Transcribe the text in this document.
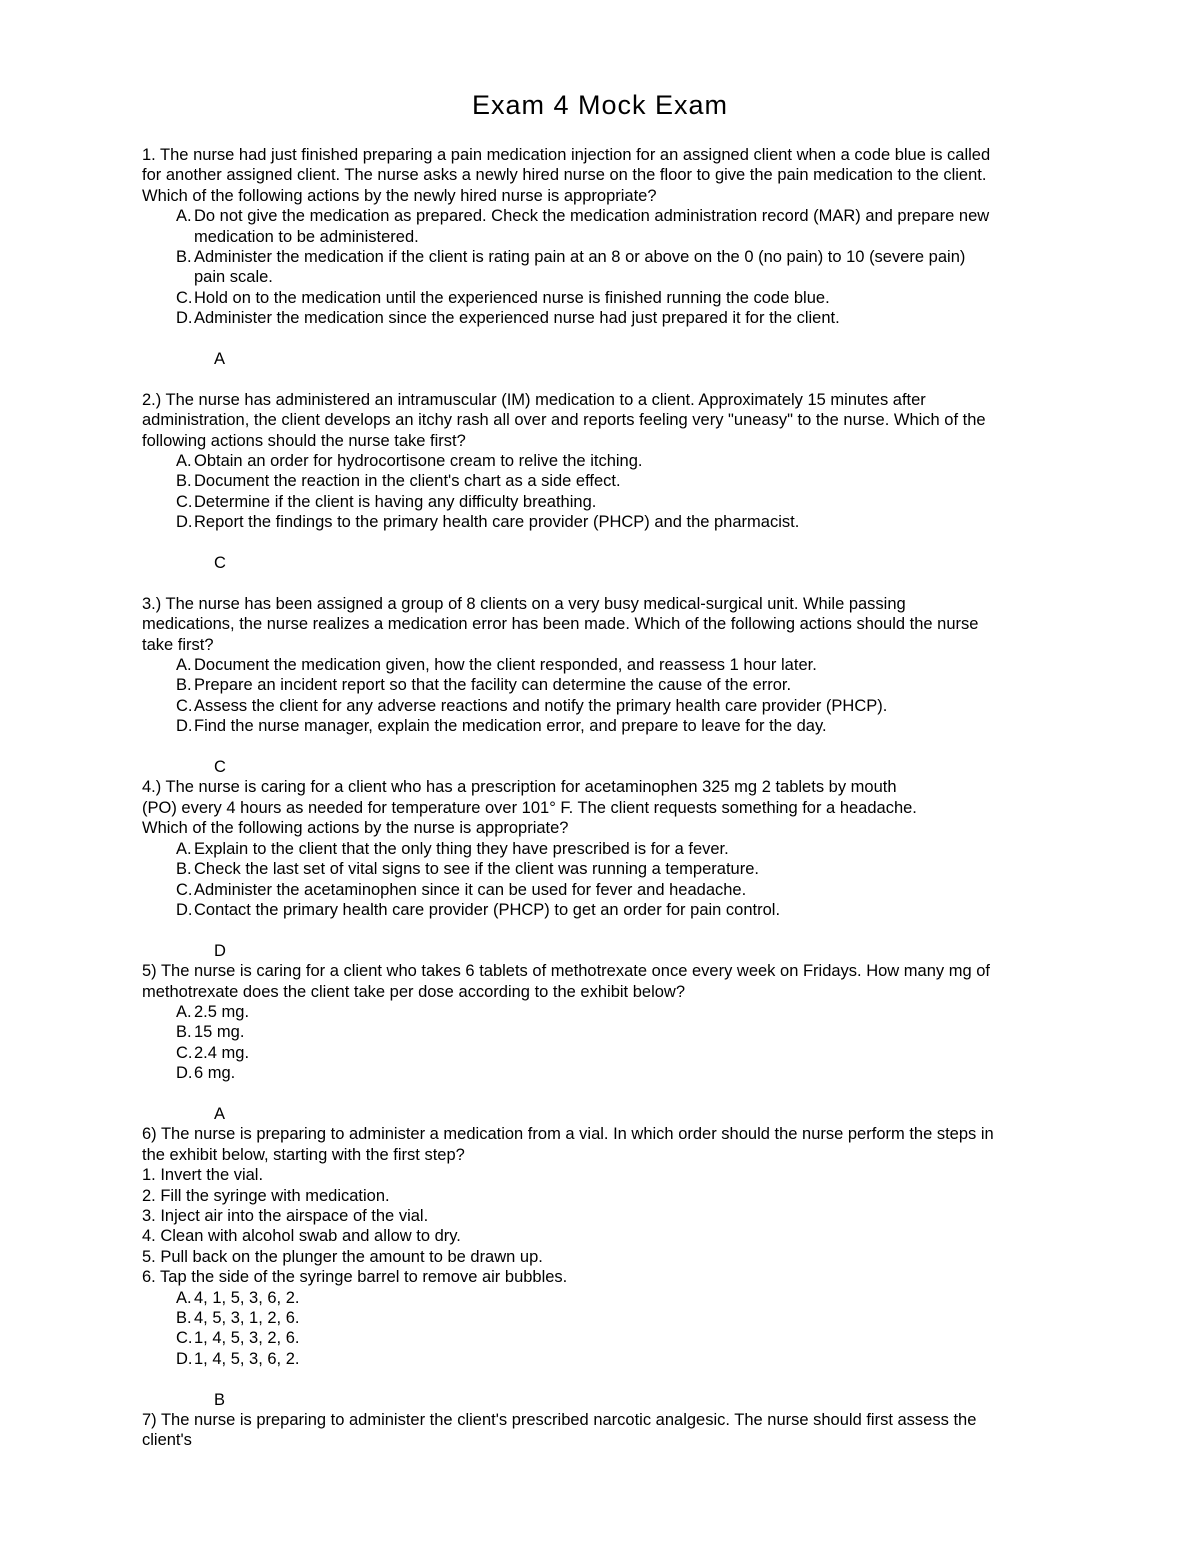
Exam 4 Mock Exam

1. The nurse had just finished preparing a pain medication injection for an assigned client when a code blue is called

for another assigned client. The nurse asks a newly hired nurse on the floor to give the pain medication to the client.

Which of the following actions by the newly hired nurse is appropriate?

A. Do not give the medication as prepared. Check the medication administration record (MAR) and prepare new
medication to be administered.

B. Administer the medication if the client is rating pain at an 8 or above on the 0 (no pain) to 10 (severe pain)
pain scale.

C.Hold on to the medication until the experienced nurse is finished running the code blue.

D.Administer the medication since the experienced nurse had just prepared it for the client.

A

2.) The nurse has administered an intramuscular (IM) medication to a client. Approximately 15 minutes after

administration, the client develops an itchy rash all over and reports feeling very "uneasy" to the nurse. Which of the

following actions should the nurse take first?

A. Obtain an order for hydrocortisone cream to relive the itching.

B. Document the reaction in the client's chart as a side effect.

C.Determine if the client is having any difficulty breathing.

D.Report the findings to the primary health care provider (PHCP) and the pharmacist.

C

3.) The nurse has been assigned a group of 8 clients on a very busy medical-surgical unit. While passing

medications, the nurse realizes a medication error has been made. Which of the following actions should the nurse

take first?

A. Document the medication given, how the client responded, and reassess 1 hour later.

B. Prepare an incident report so that the facility can determine the cause of the error.

C.Assess the client for any adverse reactions and notify the primary health care provider (PHCP).

D.Find the nurse manager, explain the medication error, and prepare to leave for the day.

C

4.) The nurse is caring for a client who has a prescription for acetaminophen 325 mg 2 tablets by mouth

(PO) every 4 hours as needed for temperature over 101° F. The client requests something for a headache.

Which of the following actions by the nurse is appropriate?

A. Explain to the client that the only thing they have prescribed is for a fever.

B. Check the last set of vital signs to see if the client was running a temperature.

C.Administer the acetaminophen since it can be used for fever and headache.

D.Contact the primary health care provider (PHCP) to get an order for pain control.

D

5) The nurse is caring for a client who takes 6 tablets of methotrexate once every week on Fridays. How many mg of

methotrexate does the client take per dose according to the exhibit below?

A. 2.5 mg.

B. 15 mg.

C.2.4 mg.

D.6 mg.

A

6) The nurse is preparing to administer a medication from a vial. In which order should the nurse perform the steps in

the exhibit below, starting with the first step?

1. Invert the vial.

2. Fill the syringe with medication.

3. Inject air into the airspace of the vial.

4. Clean with alcohol swab and allow to dry.

5. Pull back on the plunger the amount to be drawn up.

6. Tap the side of the syringe barrel to remove air bubbles.

A. 4, 1, 5, 3, 6, 2.

B. 4, 5, 3, 1, 2, 6.

C.1, 4, 5, 3, 2, 6.

D.1, 4, 5, 3, 6, 2.

B

7) The nurse is preparing to administer the client's prescribed narcotic analgesic. The nurse should first assess the

client's
